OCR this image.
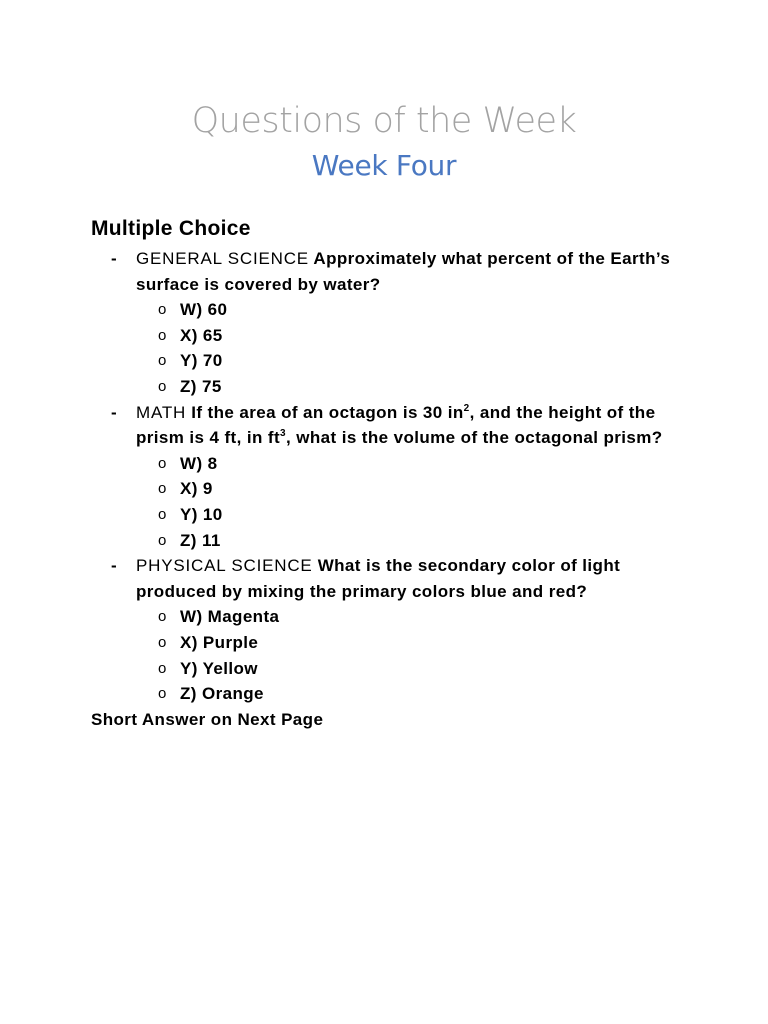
Questions of the Week
Week Four
Multiple Choice
- GENERAL SCIENCE Approximately what percent of the Earth’s surface is covered by water?
o W) 60
o X) 65
o Y) 70
o Z) 75
- MATH If the area of an octagon is 30 $in^2$, and the height of the prism is 4 ft, in $ft^3$, what is the volume of the octagonal prism?
o W) 8
o X) 9
o Y) 10
o Z) 11
- PHYSICAL SCIENCE What is the secondary color of light produced by mixing the primary colors blue and red?
o W) Magenta
o X) Purple
o Y) Yellow
o Z) Orange
Short Answer on Next Page
